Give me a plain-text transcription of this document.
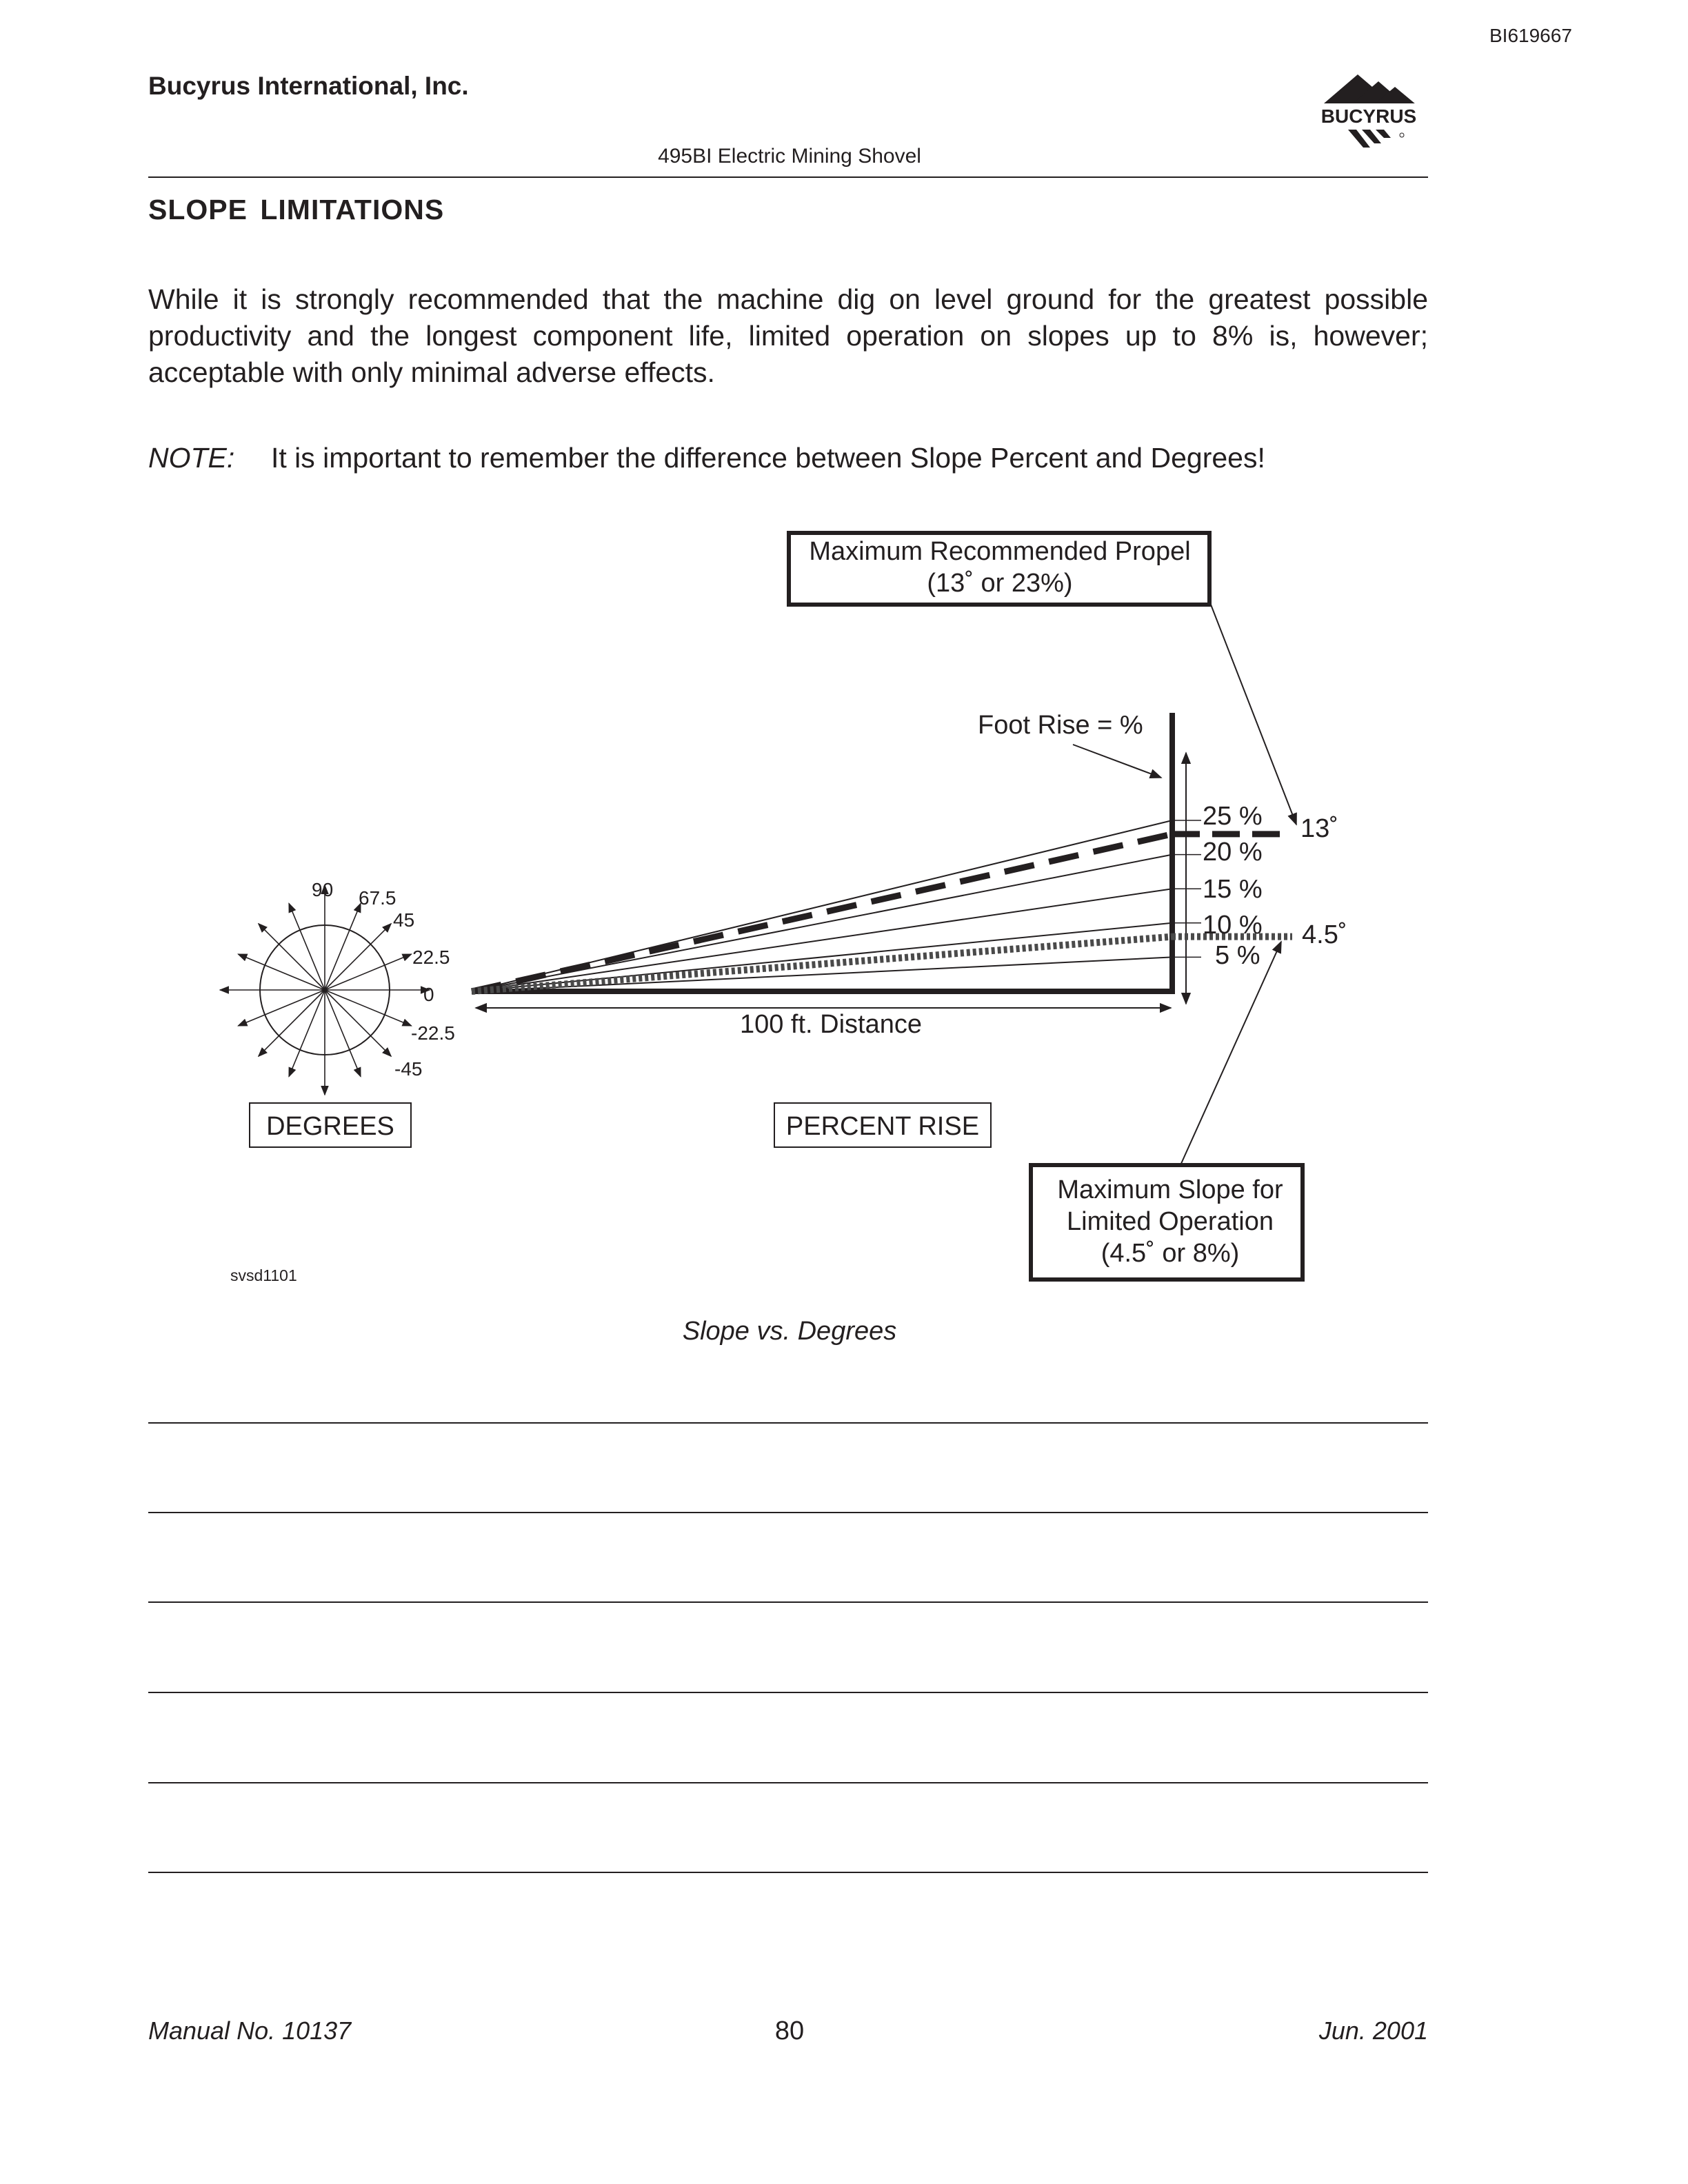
BI619667
Bucyrus International, Inc.
BUCYRUS
495BI Electric Mining Shovel
SLOPE LIMITATIONS
While it is strongly recommended that the machine dig on level ground for the greatest possible productivity and the longest component life, limited operation on slopes up to 8% is, however; acceptable with only minimal adverse effects.
NOTE: It is important to remember the difference between Slope Percent and Degrees!
Maximum Recommended Propel
(13˚ or 23%)
Foot Rise = %
25 %
20 %
15 %
10 %
5 %
13˚
4.5˚
100 ft. Distance
90 67.5
45
22.5
0
-22.5
-45
DEGREES	PERCENT RISE
Maximum Slope for
Limited Operation
(4.5˚ or 8%)
svsd1101
Slope vs. Degrees
Manual No. 10137	80	Jun. 2001
